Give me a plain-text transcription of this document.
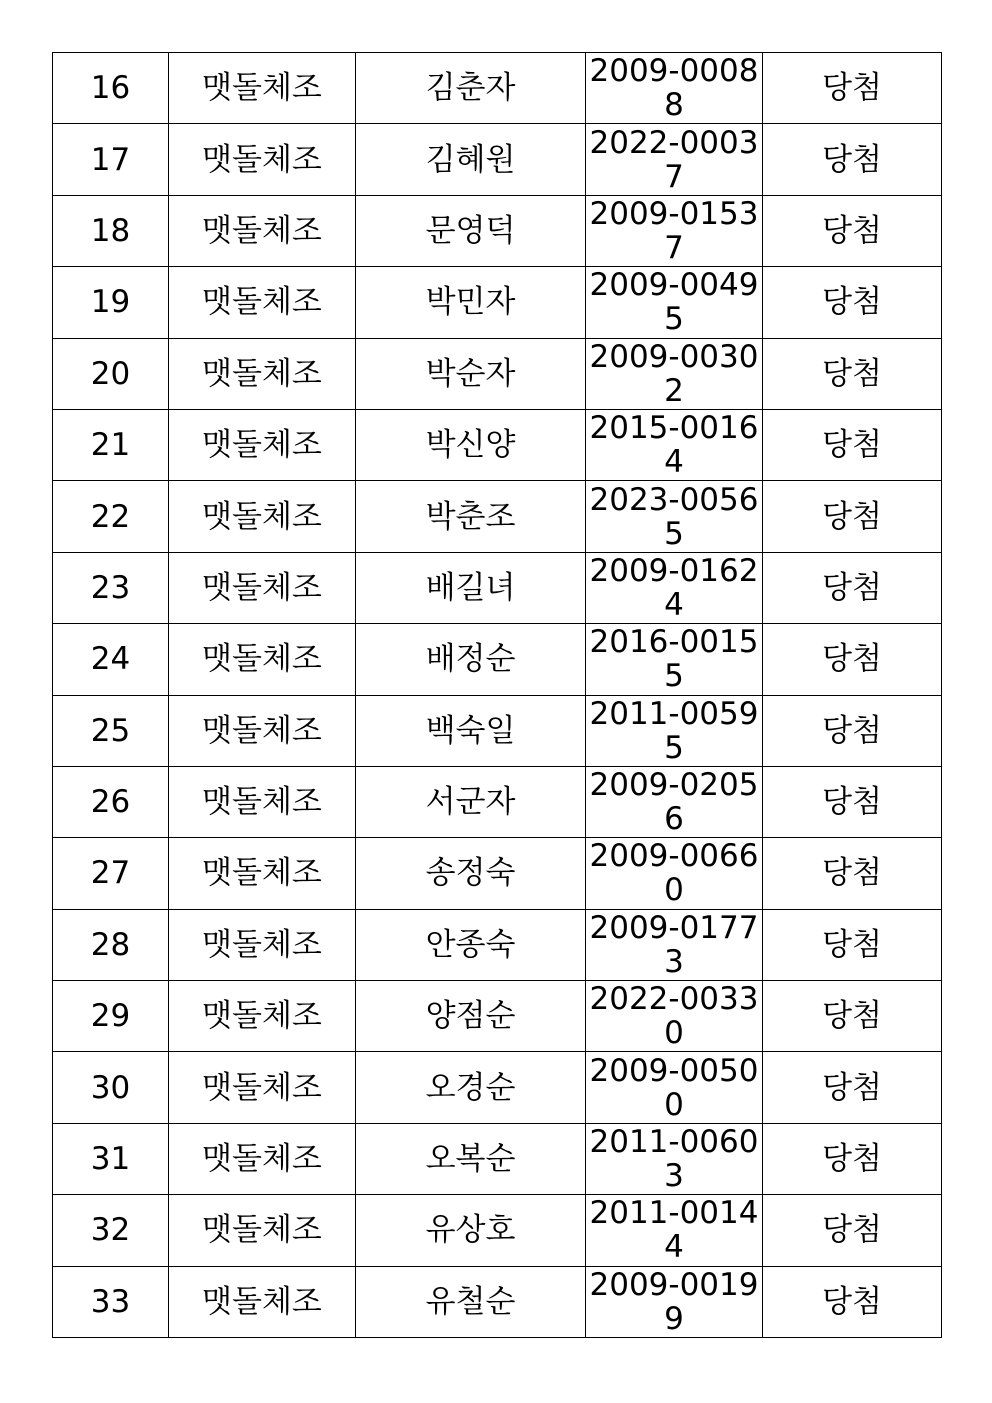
16	맷돌체조	김춘자	2009-00088	당첨
17	맷돌체조	김혜원	2022-00037	당첨
18	맷돌체조	문영덕	2009-01537	당첨
19	맷돌체조	박민자	2009-00495	당첨
20	맷돌체조	박순자	2009-00302	당첨
21	맷돌체조	박신양	2015-00164	당첨
22	맷돌체조	박춘조	2023-00565	당첨
23	맷돌체조	배길녀	2009-01624	당첨
24	맷돌체조	배정순	2016-00155	당첨
25	맷돌체조	백숙일	2011-00595	당첨
26	맷돌체조	서군자	2009-02056	당첨
27	맷돌체조	송정숙	2009-00660	당첨
28	맷돌체조	안종숙	2009-01773	당첨
29	맷돌체조	양점순	2022-00330	당첨
30	맷돌체조	오경순	2009-00500	당첨
31	맷돌체조	오복순	2011-00603	당첨
32	맷돌체조	유상호	2011-00144	당첨
33	맷돌체조	유철순	2009-00199	당첨
